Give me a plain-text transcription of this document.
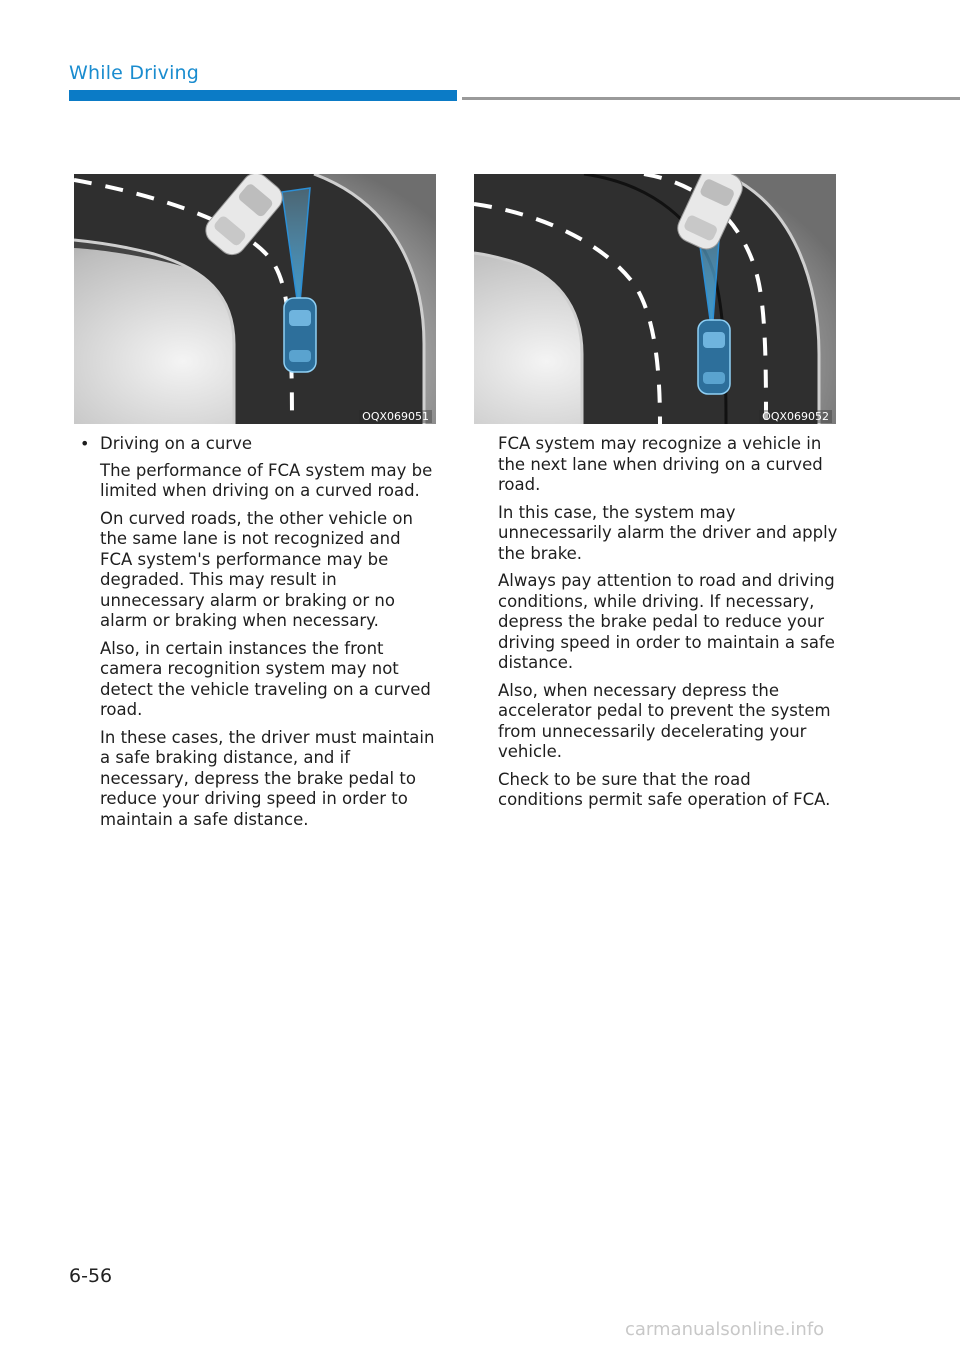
While Driving
OQX069051	OQX069052
• Driving on a curve

The performance of FCA system may be limited when driving on a curved road.

On curved roads, the other vehicle on the same lane is not recognized and FCA system's performance may be degraded. This may result in unnecessary alarm or braking or no alarm or braking when necessary.

Also, in certain instances the front camera recognition system may not detect the vehicle traveling on a curved road.

In these cases, the driver must maintain a safe braking distance, and if necessary, depress the brake pedal to reduce your driving speed in order to maintain a safe distance.

FCA system may recognize a vehicle in the next lane when driving on a curved road.

In this case, the system may unnecessarily alarm the driver and apply the brake.

Always pay attention to road and driving conditions, while driving. If necessary, depress the brake pedal to reduce your driving speed in order to maintain a safe distance.

Also, when necessary depress the accelerator pedal to prevent the system from unnecessarily decelerating your vehicle.

Check to be sure that the road conditions permit safe operation of FCA.

6-56
carmanualsonline.info
